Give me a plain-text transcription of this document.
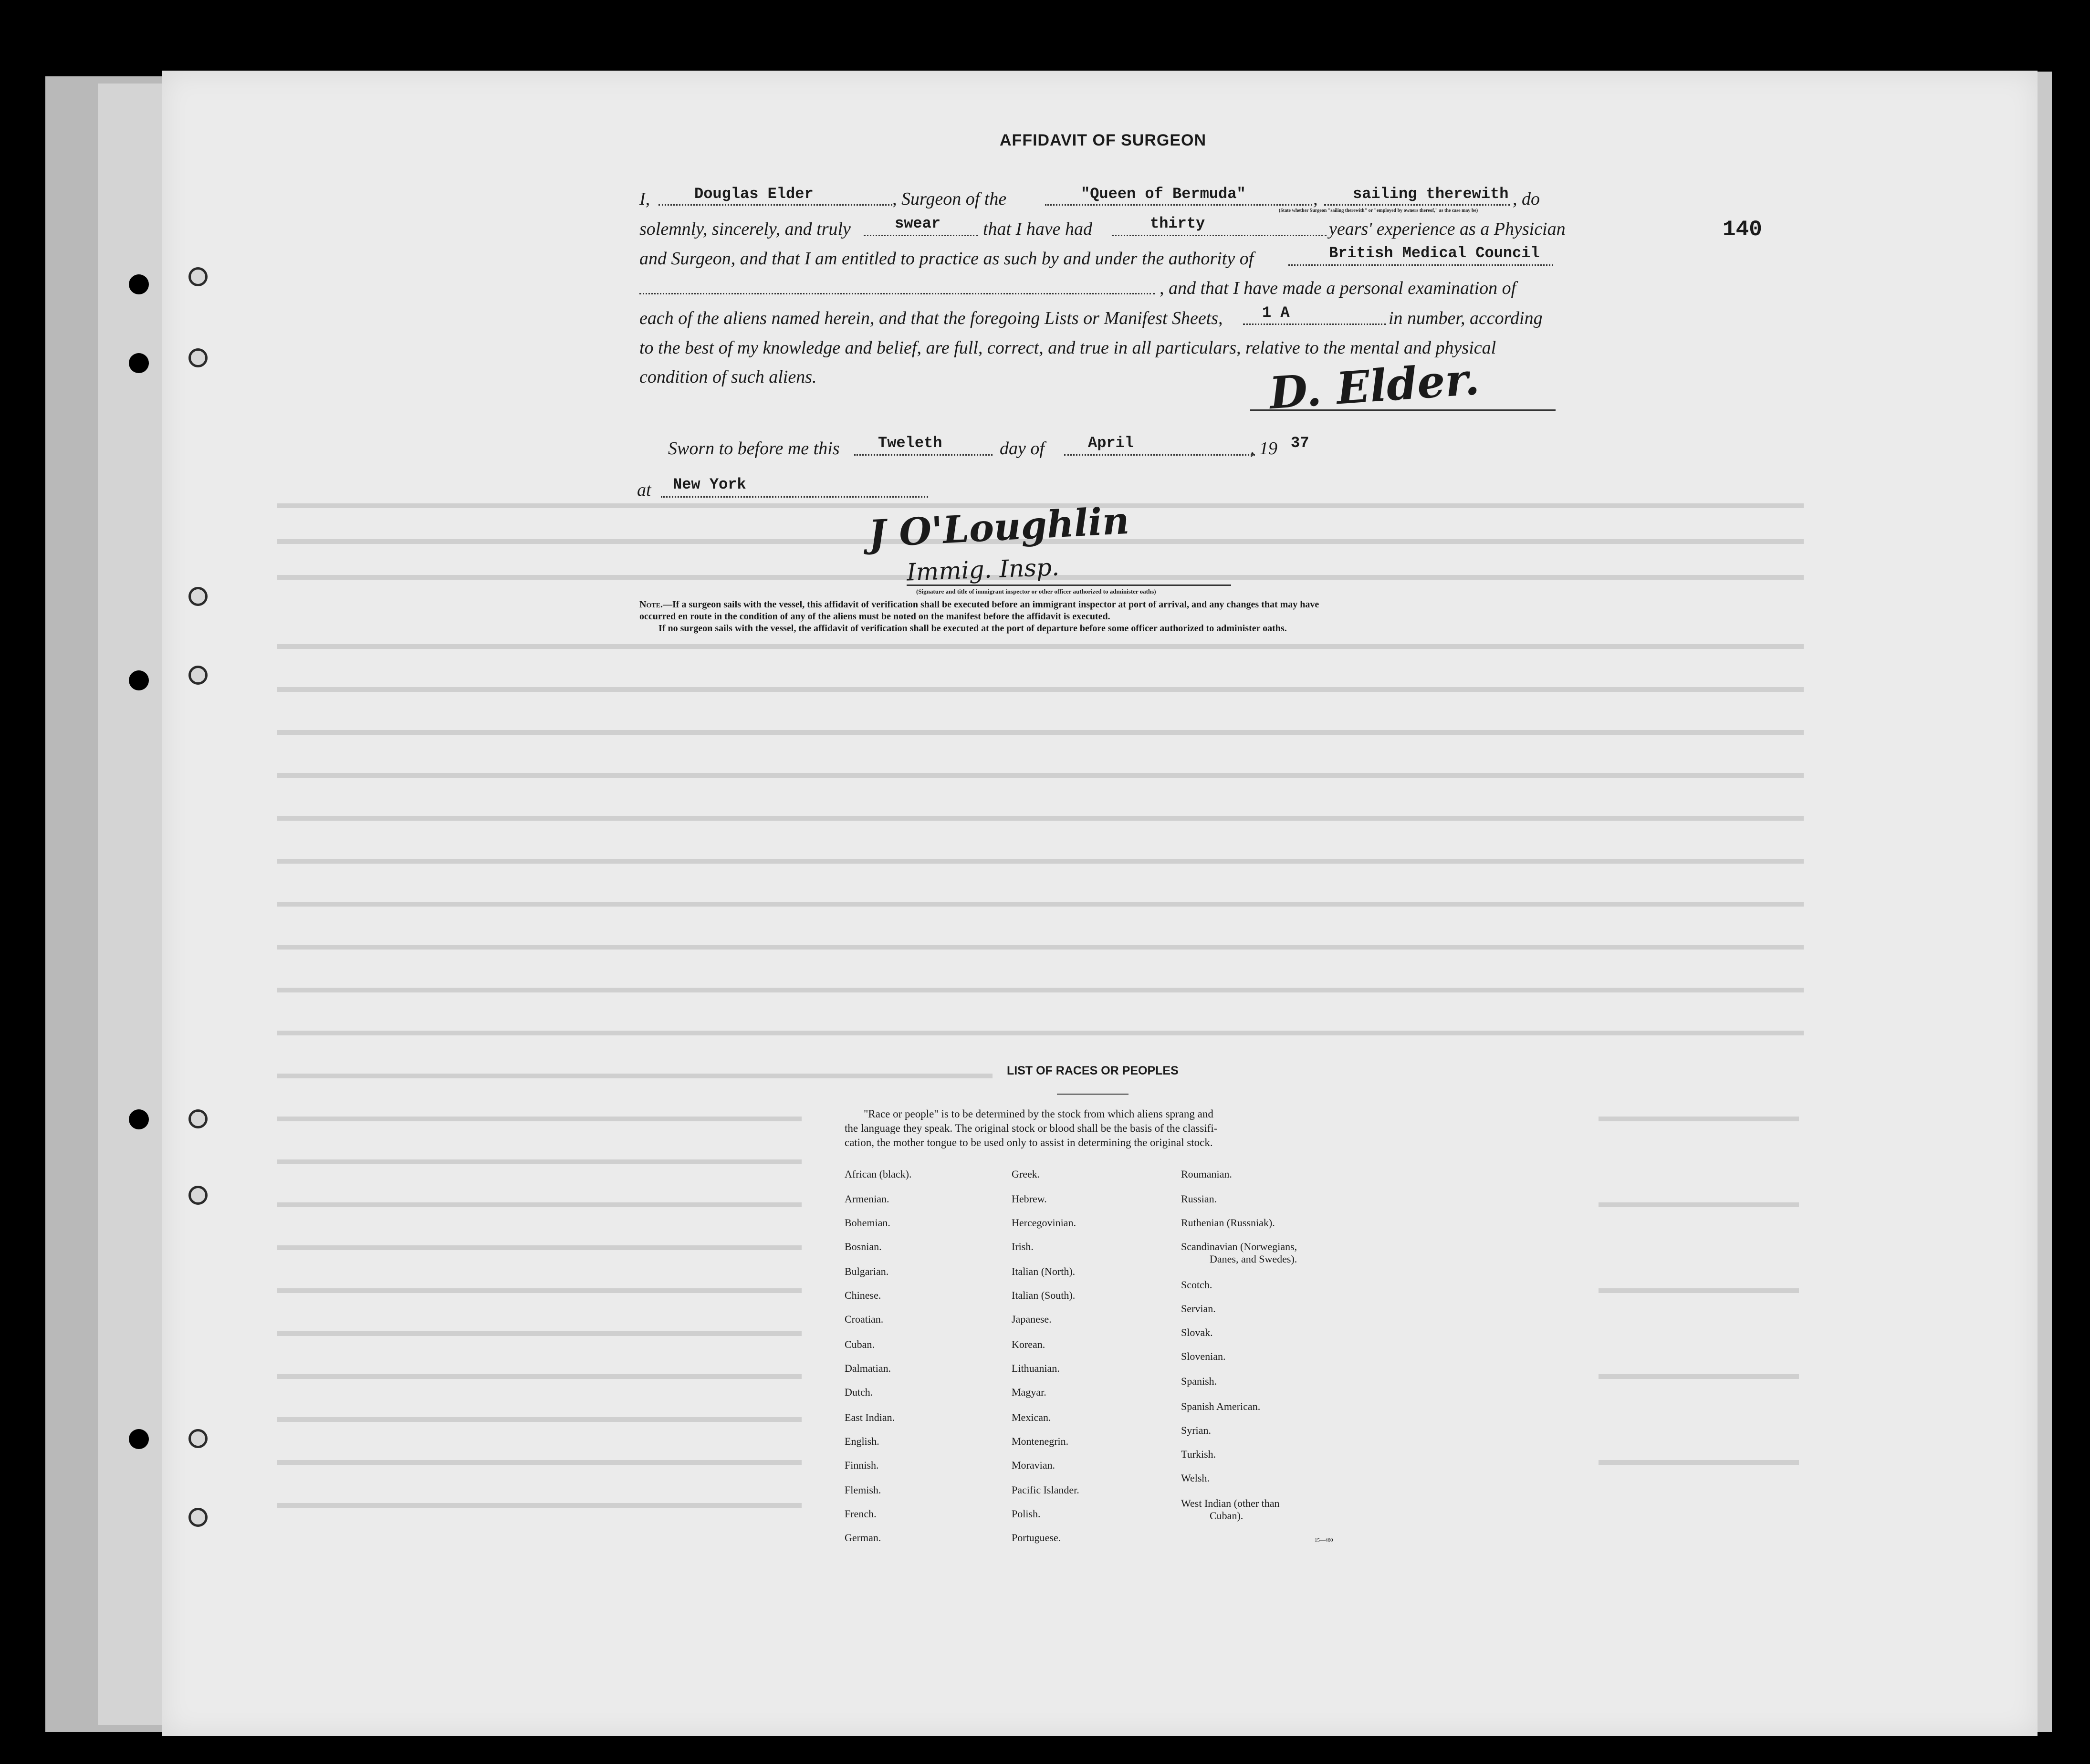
140
AFFIDAVIT OF SURGEON
I,	Douglas Elder	, Surgeon of the	"Queen of Bermuda"	, sailing therewith , do
(State whether Surgeon "sailing therewith" or "employed by owners thereof," as the case may be)
solemnly, sincerely, and truly	swear that I have had	thirty	years' experience as a Physician
and Surgeon, and that I am entitled to practice as such by and under the authority of	British Medical Council
, and that I have made a personal examination of
each of the aliens named herein, and that the foregoing Lists or Manifest Sheets,	1 A	in number, according
to the best of my knowledge and belief, are full, correct, and true in all particulars, relative to the mental and physical
condition of such aliens.	D. Elder.
Sworn to before me this	Tweleth	day of	April	, 19 37
at New York
J O'Loughlin
Immig. Insp.
(Signature and title of immigrant inspector or other officer authorized to administer oaths)
Note.—If a surgeon sails with the vessel, this affidavit of verification shall be executed before an immigrant inspector at port of arrival, and any changes that may have
occurred en route in the condition of any of the aliens must be noted on the manifest before the affidavit is executed.
If no surgeon sails with the vessel, the affidavit of verification shall be executed at the port of departure before some officer authorized to administer oaths.
LIST OF RACES OR PEOPLES
"Race or people" is to be determined by the stock from which aliens sprang and
the language they speak. The original stock or blood shall be the basis of the classifi-
cation, the mother tongue to be used only to assist in determining the original stock.
African (black).
Armenian.
Bohemian.
Bosnian.
Bulgarian.
Chinese.
Croatian.
Cuban.
Dalmatian.
Dutch.
East Indian.
English.
Finnish.
Flemish.
French.
German.
Greek.
Hebrew.
Hercegovinian.
Irish.
Italian (North).
Italian (South).
Japanese.
Korean.
Lithuanian.
Magyar.
Mexican.
Montenegrin.
Moravian.
Pacific Islander.
Polish.
Portuguese.
Roumanian.
Russian.
Ruthenian (Russniak).
Scandinavian (Norwegians,
Danes, and Swedes).
Scotch.
Servian.
Slovak.
Slovenian.
Spanish.
Spanish American.
Syrian.
Turkish.
Welsh.
West Indian (other than
Cuban).
15—460
